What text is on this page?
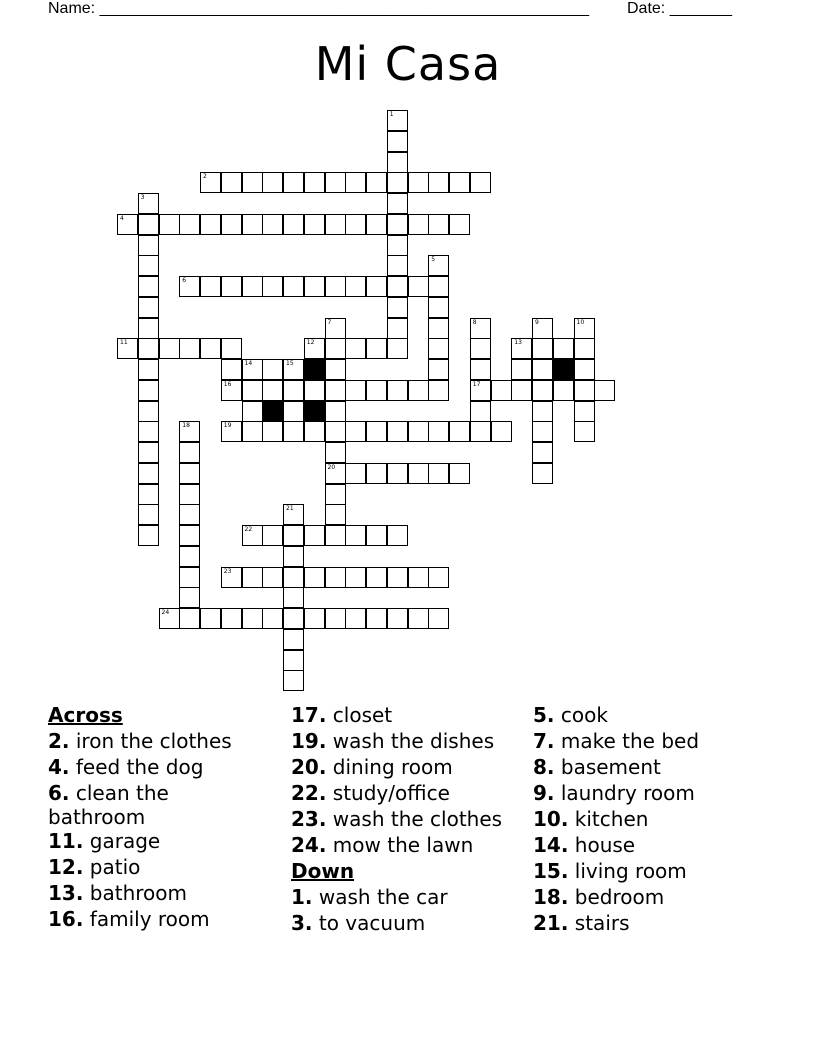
Name: _______________________________________________________ Date: _______
Mi Casa
1
2
3
4
5
6
7
20
8
17
9	10
11	12	13
14	15
16
18	19
21
22
23
24
Across
2. iron the clothes
4. feed the dog
6. clean the
bathroom
11. garage
12. patio
13. bathroom
16. family room
17. closet
19. wash the dishes
20. dining room
22. study/office
23. wash the clothes
24. mow the lawn
Down
1. wash the car
3. to vacuum
5. cook
7. make the bed
8. basement
9. laundry room
10. kitchen
14. house
15. living room
18. bedroom
21. stairs
